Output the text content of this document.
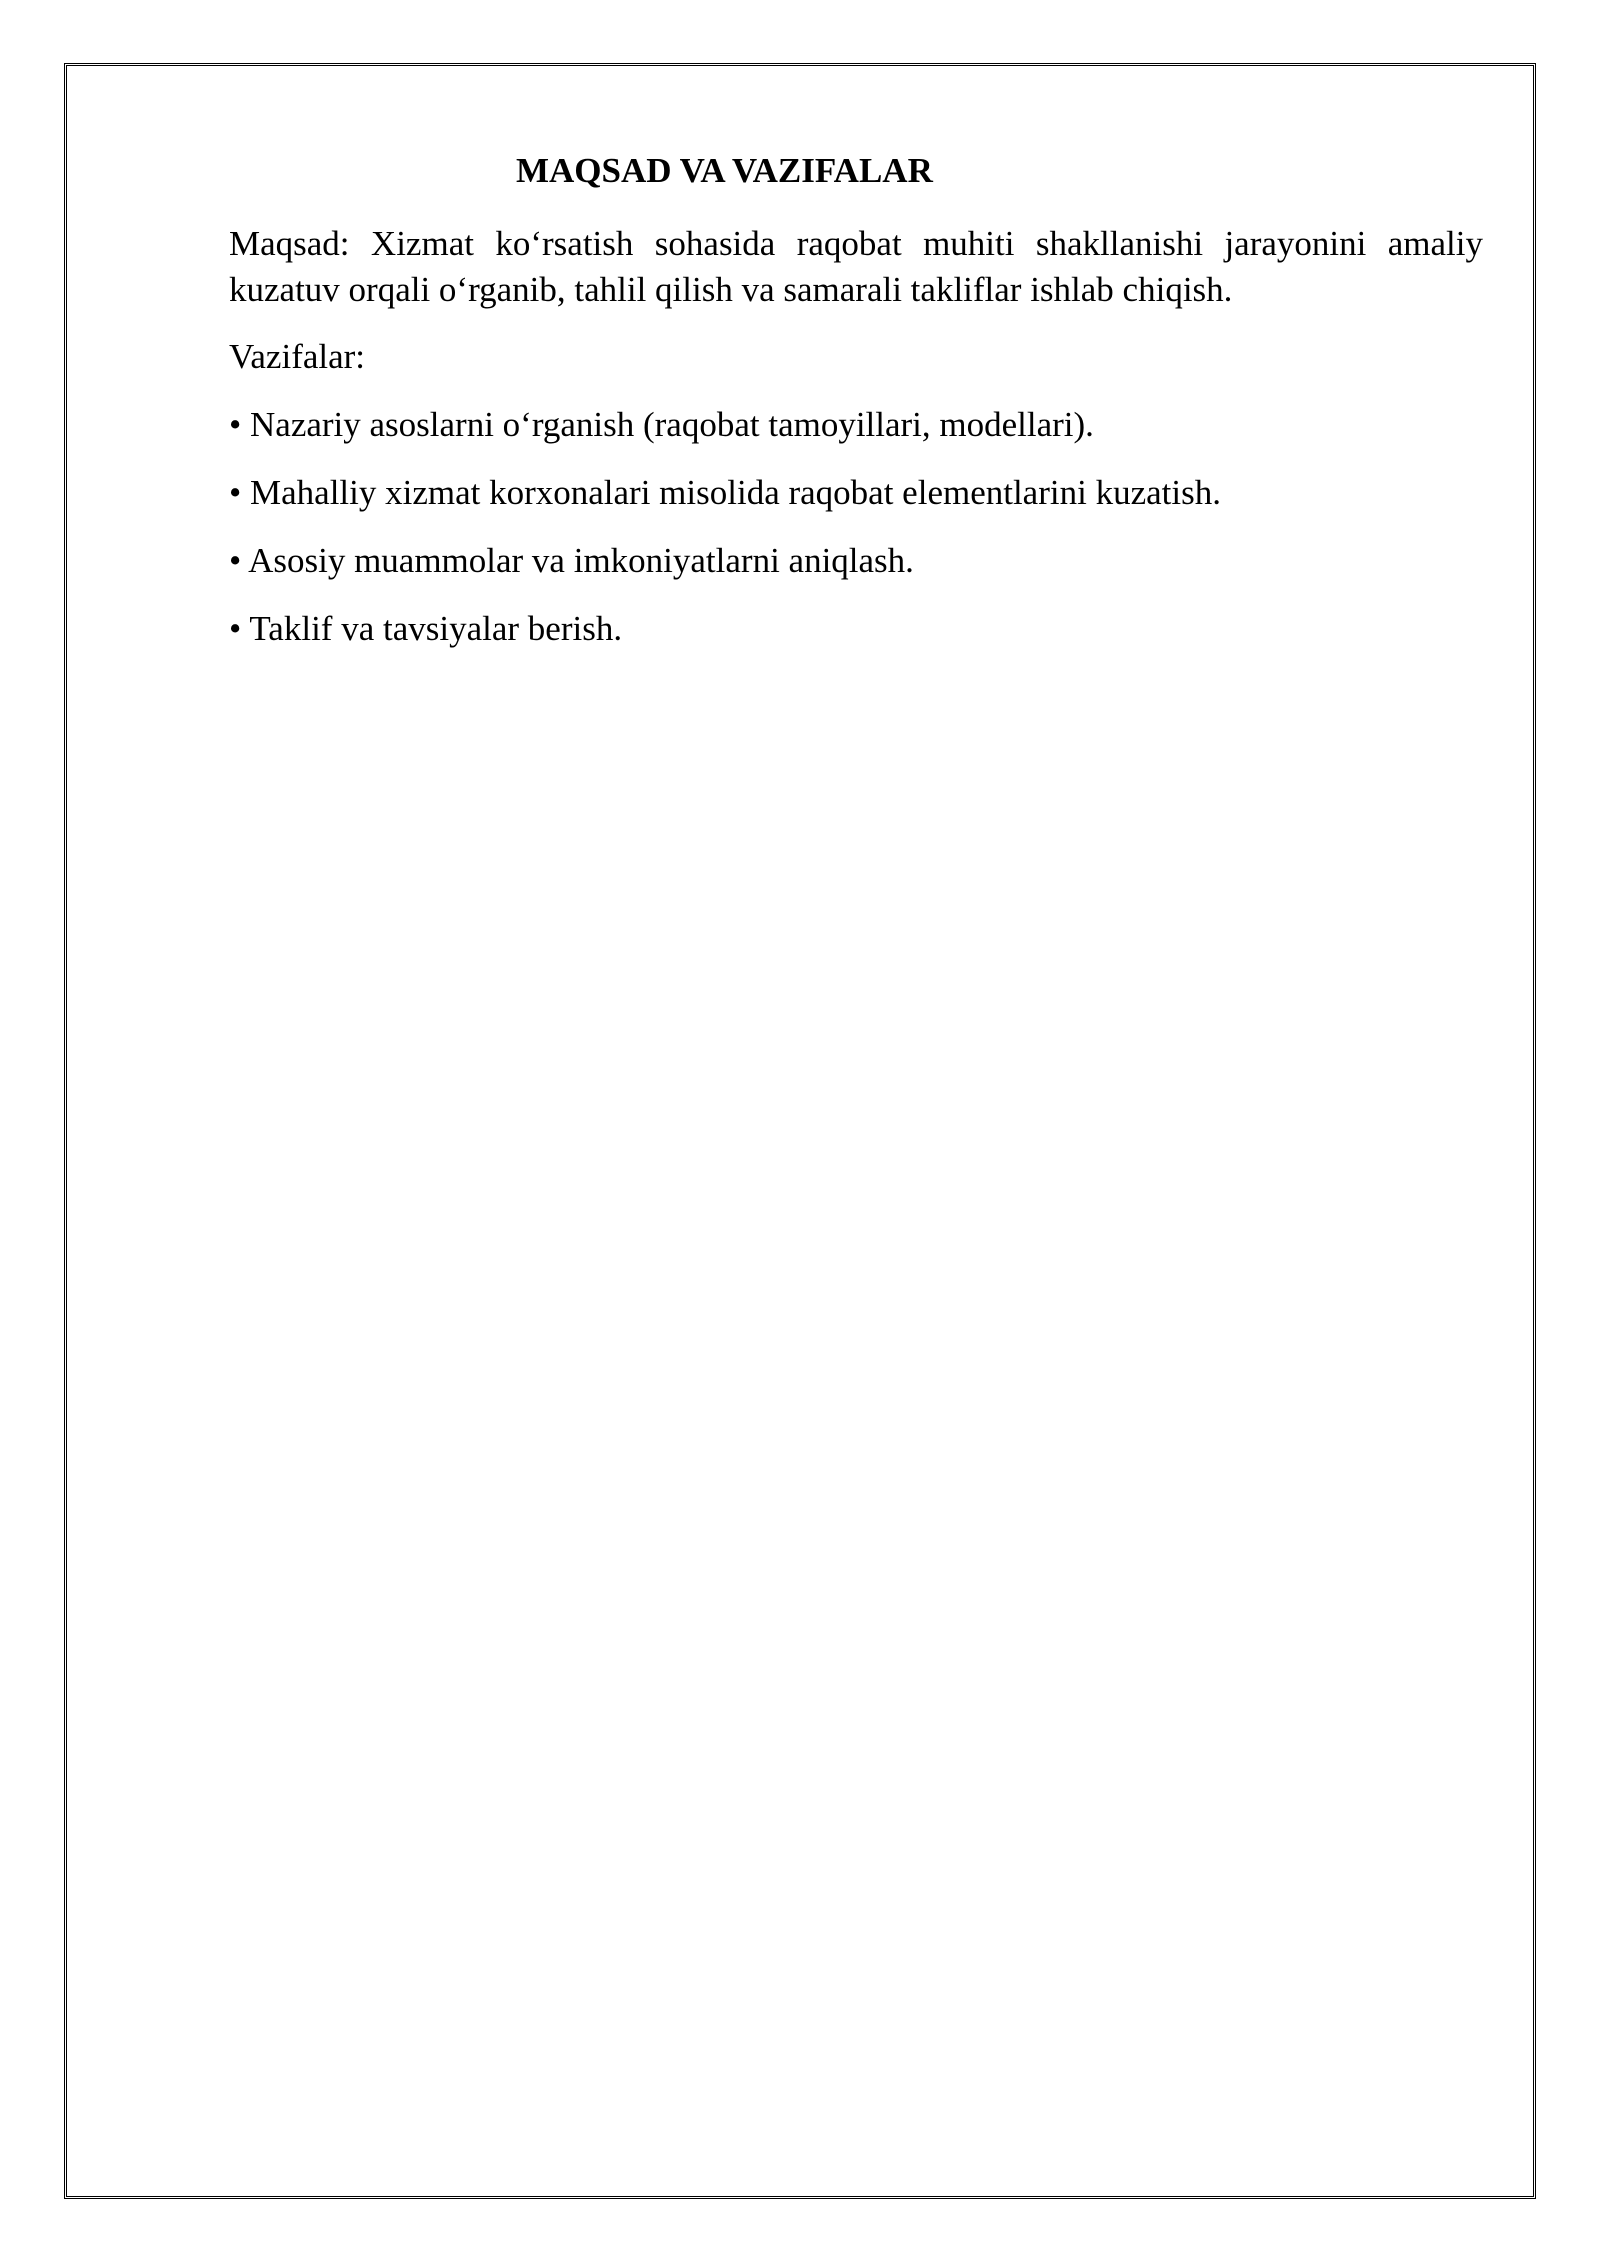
MAQSAD VA VAZIFALAR

Maqsad: Xizmat ko‘rsatish sohasida raqobat muhiti shakllanishi jarayonini amaliy kuzatuv orqali o‘rganib, tahlil qilish va samarali takliflar ishlab chiqish.

Vazifalar:

• Nazariy asoslarni o‘rganish (raqobat tamoyillari, modellari).
• Mahalliy xizmat korxonalari misolida raqobat elementlarini kuzatish.
• Asosiy muammolar va imkoniyatlarni aniqlash.
• Taklif va tavsiyalar berish.
